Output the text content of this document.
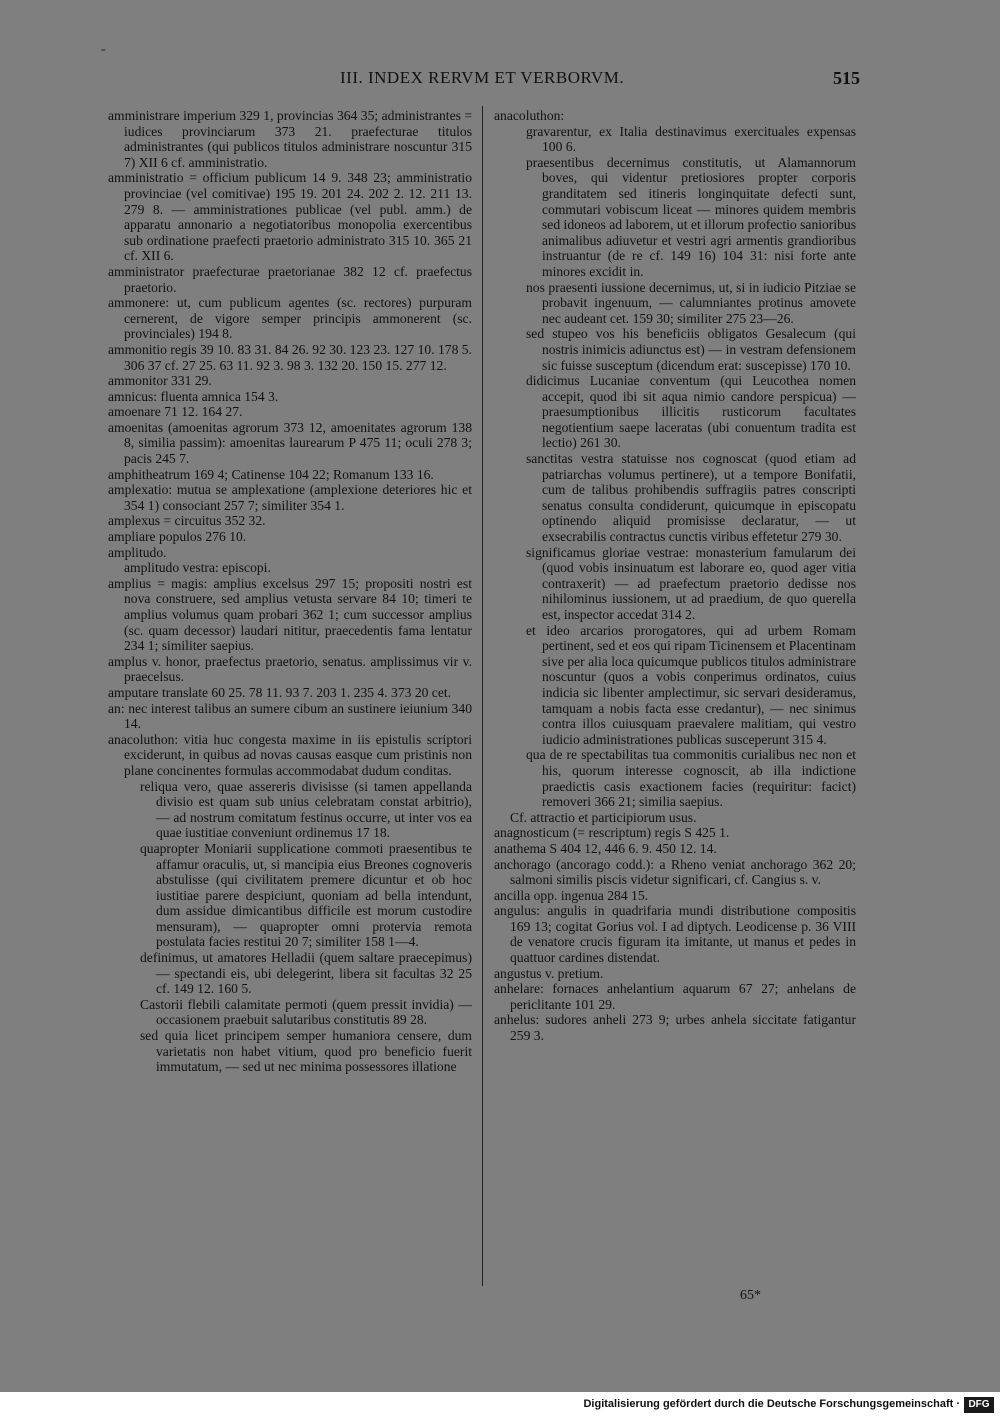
-
III. INDEX RERVM ET VERBORVM.	515

amministrare imperium 329 1, provincias 364 35; administrantes = iudices provinciarum 373 21. praefecturae titulos administrantes (qui publicos titulos administrare noscuntur 315 7) XII 6 cf. amministratio.

amministratio = officium publicum 14 9. 348 23; amministratio provinciae (vel comitivae) 195 19. 201 24. 202 2. 12. 211 13. 279 8. — amministrationes publicae (vel publ. amm.) de apparatu annonario a negotiatoribus monopolia exercentibus sub ordinatione praefecti praetorio administrato 315 10. 365 21 cf. XII 6.

amministrator praefecturae praetorianae 382 12 cf. praefectus praetorio.

ammonere: ut, cum publicum agentes (sc. rectores) purpuram cernerent, de vigore semper principis ammonerent (sc. provinciales) 194 8.

ammonitio regis 39 10. 83 31. 84 26. 92 30. 123 23. 127 10. 178 5. 306 37 cf. 27 25. 63 11. 92 3. 98 3. 132 20. 150 15. 277 12.

ammonitor 331 29.

amnicus: fluenta amnica 154 3.

amoenare 71 12. 164 27.

amoenitas (amoenitas agrorum 373 12, amoenitates agrorum 138 8, similia passim): amoenitas laurearum P 475 11; oculi 278 3; pacis 245 7.

amphitheatrum 169 4; Catinense 104 22; Romanum 133 16.

amplexatio: mutua se amplexatione (amplexione deteriores hic et 354 1) consociant 257 7; similiter 354 1.

amplexus = circuitus 352 32.

ampliare populos 276 10.

amplitudo.

amplitudo vestra: episcopi.

amplius = magis: amplius excelsus 297 15; propositi nostri est nova construere, sed amplius vetusta servare 84 10; timeri te amplius volumus quam probari 362 1; cum successor amplius (sc. quam decessor) laudari nititur, praecedentis fama lentatur 234 1; similiter saepius.

amplus v. honor, praefectus praetorio, senatus. amplissimus vir v. praecelsus.

amputare translate 60 25. 78 11. 93 7. 203 1. 235 4. 373 20 cet.

an: nec interest talibus an sumere cibum an sustinere ieiunium 340 14.

anacoluthon: vitia huc congesta maxime in iis epistulis scriptori exciderunt, in quibus ad novas causas easque cum pristinis non plane concinentes formulas accommodabat dudum conditas.

reliqua vero, quae assereris divisisse (si tamen appellanda divisio est quam sub unius celebratam constat arbitrio), — ad nostrum comitatum festinus occurre, ut inter vos ea quae iustitiae conveniunt ordinemus 17 18.

quapropter Moniarii supplicatione commoti praesentibus te affamur oraculis, ut, si mancipia eius Breones cognoveris abstulisse (qui civilitatem premere dicuntur et ob hoc iustitiae parere despiciunt, quoniam ad bella intendunt, dum assidue dimicantibus difficile est morum custodire mensuram), — quapropter omni protervia remota postulata facies restitui 20 7; similiter 158 1—4.

definimus, ut amatores Helladii (quem saltare praecepimus) — spectandi eis, ubi delegerint, libera sit facultas 32 25 cf. 149 12. 160 5.

Castorii flebili calamitate permoti (quem pressit invidia) — occasionem praebuit salutaribus constitutis 89 28.

sed quia licet principem semper humaniora censere, dum varietatis non habet vitium, quod pro beneficio fuerit immutatum, — sed ut nec minima possessores illatione

anacoluthon:

gravarentur, ex Italia destinavimus exercituales expensas 100 6.

praesentibus decernimus constitutis, ut Alamannorum boves, qui videntur pretiosiores propter corporis granditatem sed itineris longinquitate defecti sunt, commutari vobiscum liceat — minores quidem membris sed idoneos ad laborem, ut et illorum profectio sanioribus animalibus adiuvetur et vestri agri armentis grandioribus instruantur (de re cf. 149 16) 104 31: nisi forte ante minores excidit in.

nos praesenti iussione decernimus, ut, si in iudicio Pitziae se probavit ingenuum, — calumniantes protinus amovete nec audeant cet. 159 30; similiter 275 23—26.

sed stupeo vos his beneficiis obligatos Gesalecum (qui nostris inimicis adiunctus est) — in vestram defensionem sic fuisse susceptum (dicendum erat: suscepisse) 170 10.

didicimus Lucaniae conventum (qui Leucothea nomen accepit, quod ibi sit aqua nimio candore perspicua) — praesumptionibus illicitis rusticorum facultates negotientium saepe laceratas (ubi conuentum tradita est lectio) 261 30.

sanctitas vestra statuisse nos cognoscat (quod etiam ad patriarchas volumus pertinere), ut a tempore Bonifatii, cum de talibus prohibendis suffragiis patres conscripti senatus consulta condiderunt, quicumque in episcopatu optinendo aliquid promisisse declaratur, — ut exsecrabilis contractus cunctis viribus effetetur 279 30.

significamus gloriae vestrae: monasterium famularum dei (quod vobis insinuatum est laborare eo, quod ager vitia contraxerit) — ad praefectum praetorio dedisse nos nihilominus iussionem, ut ad praedium, de quo querella est, inspector accedat 314 2.

et ideo arcarios prorogatores, qui ad urbem Romam pertinent, sed et eos qui ripam Ticinensem et Placentinam sive per alia loca quicumque publicos titulos administrare noscuntur (quos a vobis conperimus ordinatos, cuius indicia sic libenter amplectimur, sic servari desideramus, tamquam a nobis facta esse credantur), — nec sinimus contra illos cuiusquam praevalere malitiam, qui vestro iudicio administrationes publicas susceperunt 315 4.

qua de re spectabilitas tua commonitis curialibus nec non et his, quorum interesse cognoscit, ab illa indictione praedictis casis exactionem facies (requiritur: facict) removeri 366 21; similia saepius.

Cf. attractio et participiorum usus.

anagnosticum (= rescriptum) regis S 425 1.

anathema S 404 12, 446 6. 9. 450 12. 14.

anchorago (ancorago codd.): a Rheno veniat anchorago 362 20; salmoni similis piscis videtur significari, cf. Cangius s. v.

ancilla opp. ingenua 284 15.

angulus: angulis in quadrifaria mundi distributione compositis 169 13; cogitat Gorius vol. I ad diptych. Leodicense p. 36 VIII de venatore crucis figuram ita imitante, ut manus et pedes in quattuor cardines distendat.

angustus v. pretium.

anhelare: fornaces anhelantium aquarum 67 27; anhelans de periclitante 101 29.

anhelus: sudores anheli 273 9; urbes anhela siccitate fatigantur 259 3.

65*
Digitalisierung gefördert durch die Deutsche Forschungsgemeinschaft · DFG
